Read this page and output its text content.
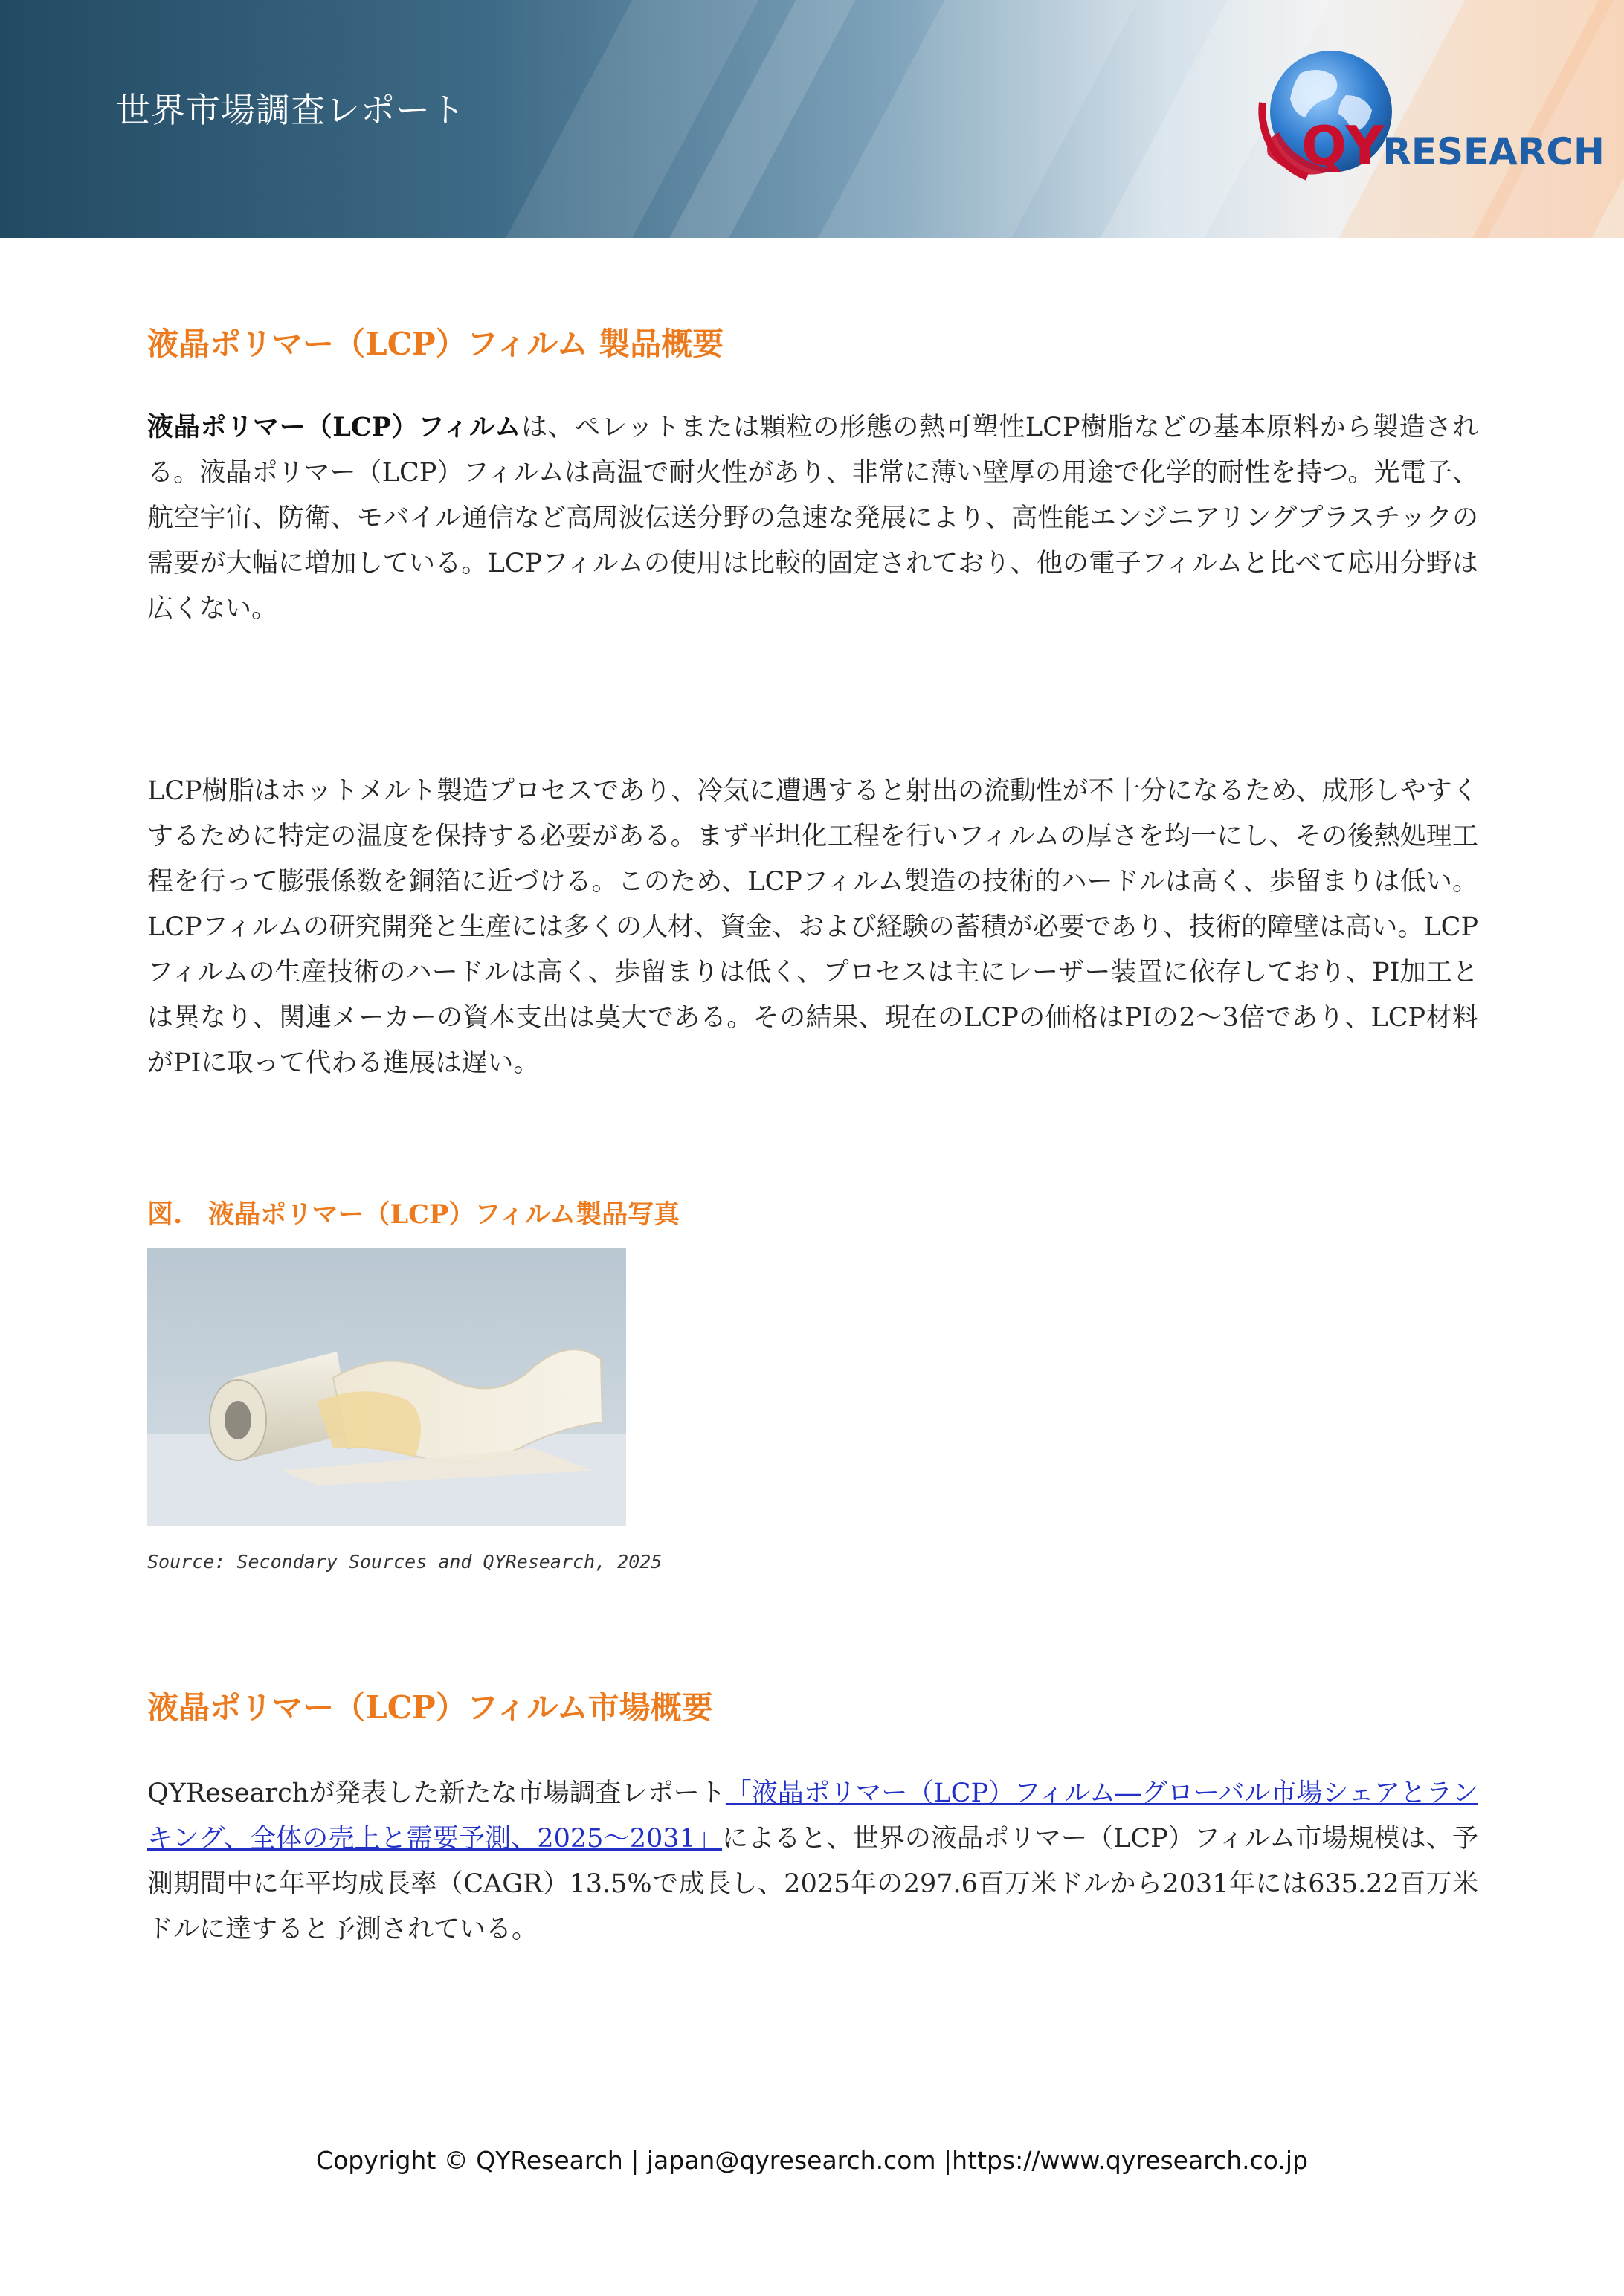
世界市場調査レポート
QYRESEARCH
液晶ポリマー（LCP）フィルム 製品概要

液晶ポリマー（LCP）フィルムは、ペレットまたは顆粒の形態の熱可塑性LCP樹脂などの基本原料から製造される。液晶ポリマー（LCP）フィルムは高温で耐火性があり、非常に薄い壁厚の用途で化学的耐性を持つ。光電子、航空宇宙、防衛、モバイル通信など高周波伝送分野の急速な発展により、高性能エンジニアリングプラスチックの需要が大幅に増加している。LCPフィルムの使用は比較的固定されており、他の電子フィルムと比べて応用分野は広くない。

LCP樹脂はホットメルト製造プロセスであり、冷気に遭遇すると射出の流動性が不十分になるため、成形しやすくするために特定の温度を保持する必要がある。まず平坦化工程を行いフィルムの厚さを均一にし、その後熱処理工程を行って膨張係数を銅箔に近づける。このため、LCPフィルム製造の技術的ハードルは高く、歩留まりは低い。LCPフィルムの研究開発と生産には多くの人材、資金、および経験の蓄積が必要であり、技術的障壁は高い。LCPフィルムの生産技術のハードルは高く、歩留まりは低く、プロセスは主にレーザー装置に依存しており、PI加工とは異なり、関連メーカーの資本支出は莫大である。その結果、現在のLCPの価格はPIの2～3倍であり、LCP材料がPIに取って代わる進展は遅い。

図.　液晶ポリマー（LCP）フィルム製品写真
Source: Secondary Sources and QYResearch, 2025
液晶ポリマー（LCP）フィルム市場概要

QYResearchが発表した新たな市場調査レポート「液晶ポリマー（LCP）フィルム―グローバル市場シェアとランキング、全体の売上と需要予測、2025～2031」によると、世界の液晶ポリマー（LCP）フィルム市場規模は、予測期間中に年平均成長率（CAGR）13.5%で成長し、2025年の297.6百万米ドルから2031年には635.22百万米ドルに達すると予測されている。

Copyright © QYResearch | japan@qyresearch.com |https://www.qyresearch.co.jp
